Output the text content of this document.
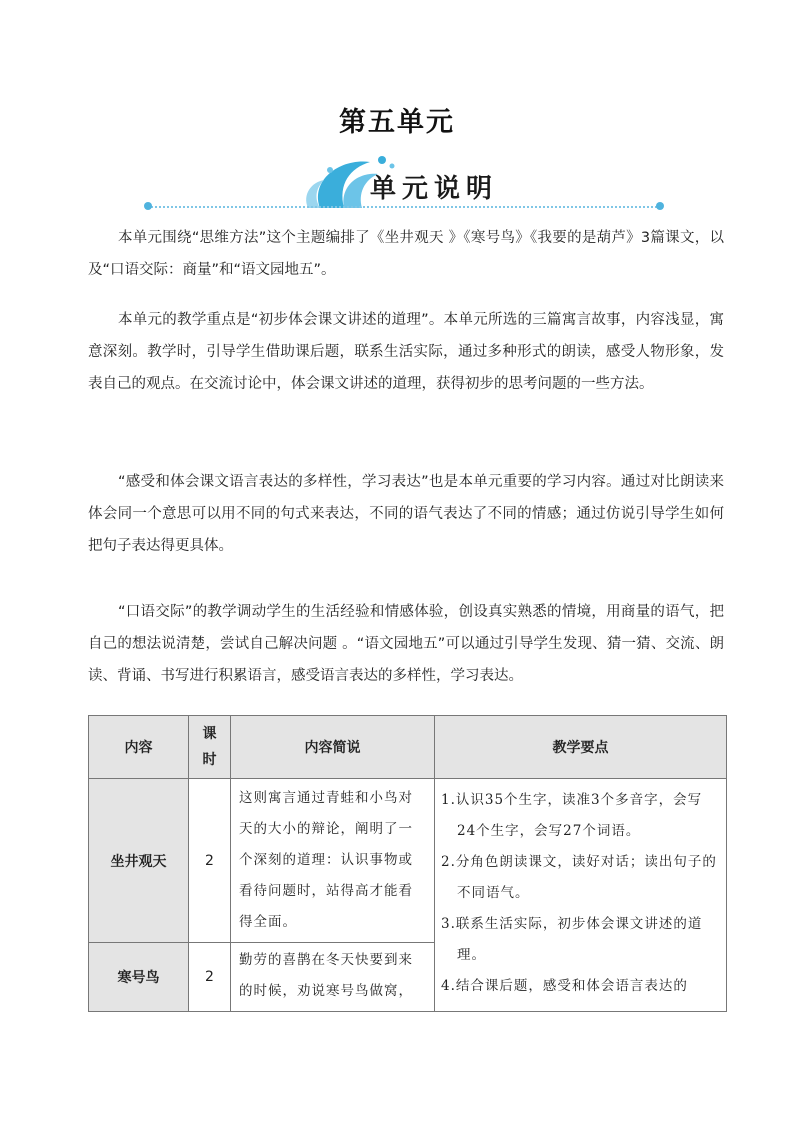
第五单元
单元说明
本单元围绕“思维方法”这个主题编排了《坐井观天 》《寒号鸟》《我要的是葫芦》3篇课文，以及“口语交际：商量”和“语文园地五”。
本单元的教学重点是“初步体会课文讲述的道理”。本单元所选的三篇寓言故事，内容浅显，寓意深刻。教学时，引导学生借助课后题，联系生活实际，通过多种形式的朗读，感受人物形象，发表自己的观点。在交流讨论中，体会课文讲述的道理，获得初步的思考问题的一些方法。
“感受和体会课文语言表达的多样性，学习表达”也是本单元重要的学习内容。通过对比朗读来体会同一个意思可以用不同的句式来表达，不同的语气表达了不同的情感；通过仿说引导学生如何把句子表达得更具体。
“口语交际”的教学调动学生的生活经验和情感体验，创设真实熟悉的情境，用商量的语气，把自己的想法说清楚，尝试自己解决问题 。“语文园地五”可以通过引导学生发现、猜一猜、交流、朗读、背诵、书写进行积累语言，感受语言表达的多样性，学习表达。
内容	课时	内容简说	教学要点
坐井观天	2	这则寓言通过青蛙和小鸟对天的大小的辩论，阐明了一个深刻的道理：认识事物或看待问题时，站得高才能看得全面。	1.认识35个生字，读准3个多音字，会写24个生字，会写27个词语。
2.分角色朗读课文，读好对话；读出句子的不同语气。
3.联系生活实际，初步体会课文讲述的道理。
4.结合课后题，感受和体会语言表达的

寒号鸟	2	勤劳的喜鹊在冬天快要到来的时候，劝说寒号鸟做窝，	
